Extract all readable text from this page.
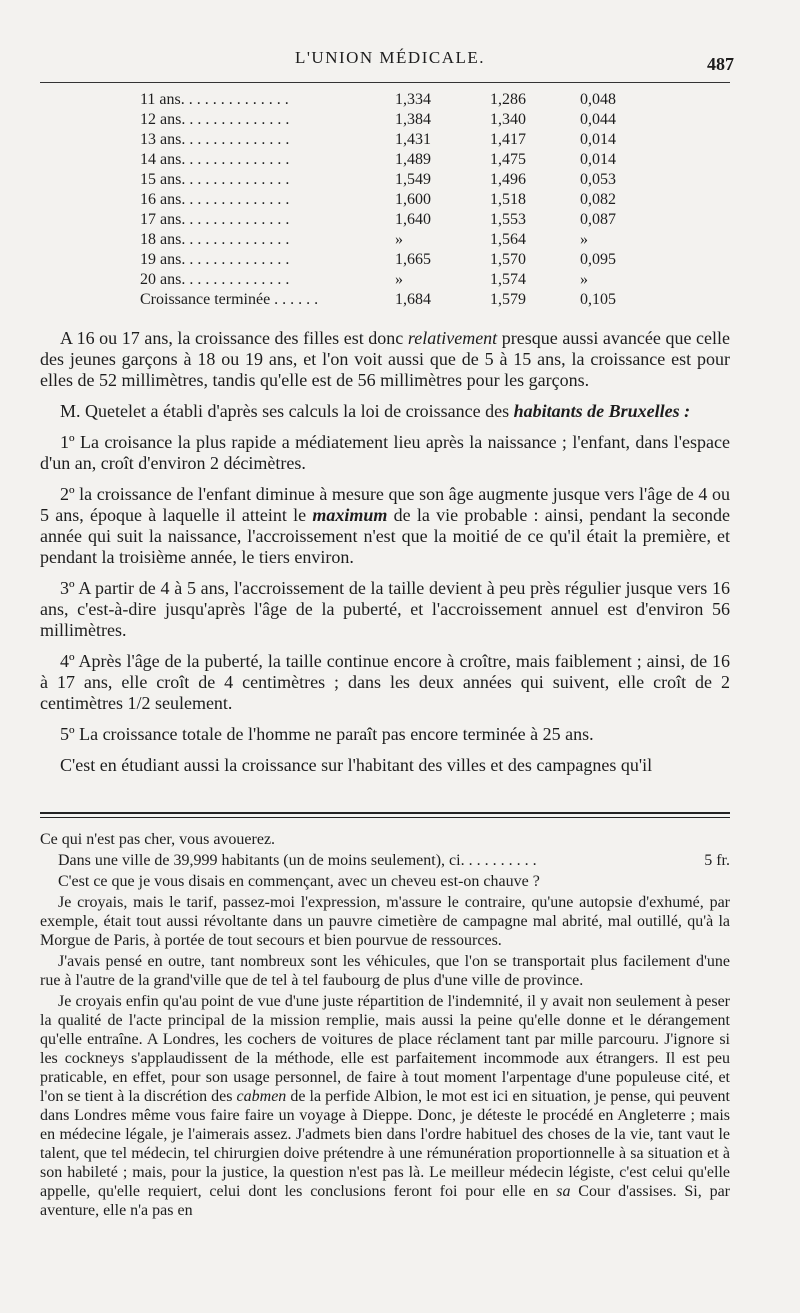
L'UNION MÉDICALE.	487
11 ans. . . . . . . . . . . . . .	1,334	1,286	0,048
12 ans. . . . . . . . . . . . . .	1,384	1,340	0,044
13 ans. . . . . . . . . . . . . .	1,431	1,417	0,014
14 ans. . . . . . . . . . . . . .	1,489	1,475	0,014
15 ans. . . . . . . . . . . . . .	1,549	1,496	0,053
16 ans. . . . . . . . . . . . . .	1,600	1,518	0,082
17 ans. . . . . . . . . . . . . .	1,640	1,553	0,087
18 ans. . . . . . . . . . . . . .	»	1,564	»
19 ans. . . . . . . . . . . . . .	1,665	1,570	0,095
20 ans. . . . . . . . . . . . . .	»	1,574	»
Croissance terminée . . . . . .	1,684	1,579	0,105

A 16 ou 17 ans, la croissance des filles est donc relativement presque aussi avancée que celle des jeunes garçons à 18 ou 19 ans, et l'on voit aussi que de 5 à 15 ans, la croissance est pour elles de 52 millimètres, tandis qu'elle est de 56 millimètres pour les garçons.

M. Quetelet a établi d'après ses calculs la loi de croissance des habitants de Bruxelles :

1º La croisance la plus rapide a médiatement lieu après la naissance ; l'enfant, dans l'espace d'un an, croît d'environ 2 décimètres.

2º la croissance de l'enfant diminue à mesure que son âge augmente jusque vers l'âge de 4 ou 5 ans, époque à laquelle il atteint le maximum de la vie probable : ainsi, pendant la seconde année qui suit la naissance, l'accroissement n'est que la moitié de ce qu'il était la première, et pendant la troisième année, le tiers environ.

3º A partir de 4 à 5 ans, l'accroissement de la taille devient à peu près régulier jusque vers 16 ans, c'est-à-dire jusqu'après l'âge de la puberté, et l'accroissement annuel est d'environ 56 millimètres.

4º Après l'âge de la puberté, la taille continue encore à croître, mais faiblement ; ainsi, de 16 à 17 ans, elle croît de 4 centimètres ; dans les deux années qui suivent, elle croît de 2 centimètres 1/2 seulement.

5º La croissance totale de l'homme ne paraît pas encore terminée à 25 ans.

C'est en étudiant aussi la croissance sur l'habitant des villes et des campagnes qu'il

Ce qui n'est pas cher, vous avouerez.

Dans une ville de 39,999 habitants (un de moins seulement), ci. . . . . . . . . .	5 fr.

C'est ce que je vous disais en commençant, avec un cheveu est-on chauve ?

Je croyais, mais le tarif, passez-moi l'expression, m'assure le contraire, qu'une autopsie d'exhumé, par exemple, était tout aussi révoltante dans un pauvre cimetière de campagne mal abrité, mal outillé, qu'à la Morgue de Paris, à portée de tout secours et bien pourvue de ressources.

J'avais pensé en outre, tant nombreux sont les véhicules, que l'on se transportait plus facilement d'une rue à l'autre de la grand'ville que de tel à tel faubourg de plus d'une ville de province.

Je croyais enfin qu'au point de vue d'une juste répartition de l'indemnité, il y avait non seulement à peser la qualité de l'acte principal de la mission remplie, mais aussi la peine qu'elle donne et le dérangement qu'elle entraîne. A Londres, les cochers de voitures de place réclament tant par mille parcouru. J'ignore si les cockneys s'applaudissent de la méthode, elle est parfaitement incommode aux étrangers. Il est peu praticable, en effet, pour son usage personnel, de faire à tout moment l'arpentage d'une populeuse cité, et l'on se tient à la discrétion des cabmen de la perfide Albion, le mot est ici en situation, je pense, qui peuvent dans Londres même vous faire faire un voyage à Dieppe. Donc, je déteste le procédé en Angleterre ; mais en médecine légale, je l'aimerais assez. J'admets bien dans l'ordre habituel des choses de la vie, tant vaut le talent, que tel médecin, tel chirurgien doive prétendre à une rémunération proportionnelle à sa situation et à son habileté ; mais, pour la justice, la question n'est pas là. Le meilleur médecin légiste, c'est celui qu'elle appelle, qu'elle requiert, celui dont les conclusions feront foi pour elle en sa Cour d'assises. Si, par aventure, elle n'a pas en
